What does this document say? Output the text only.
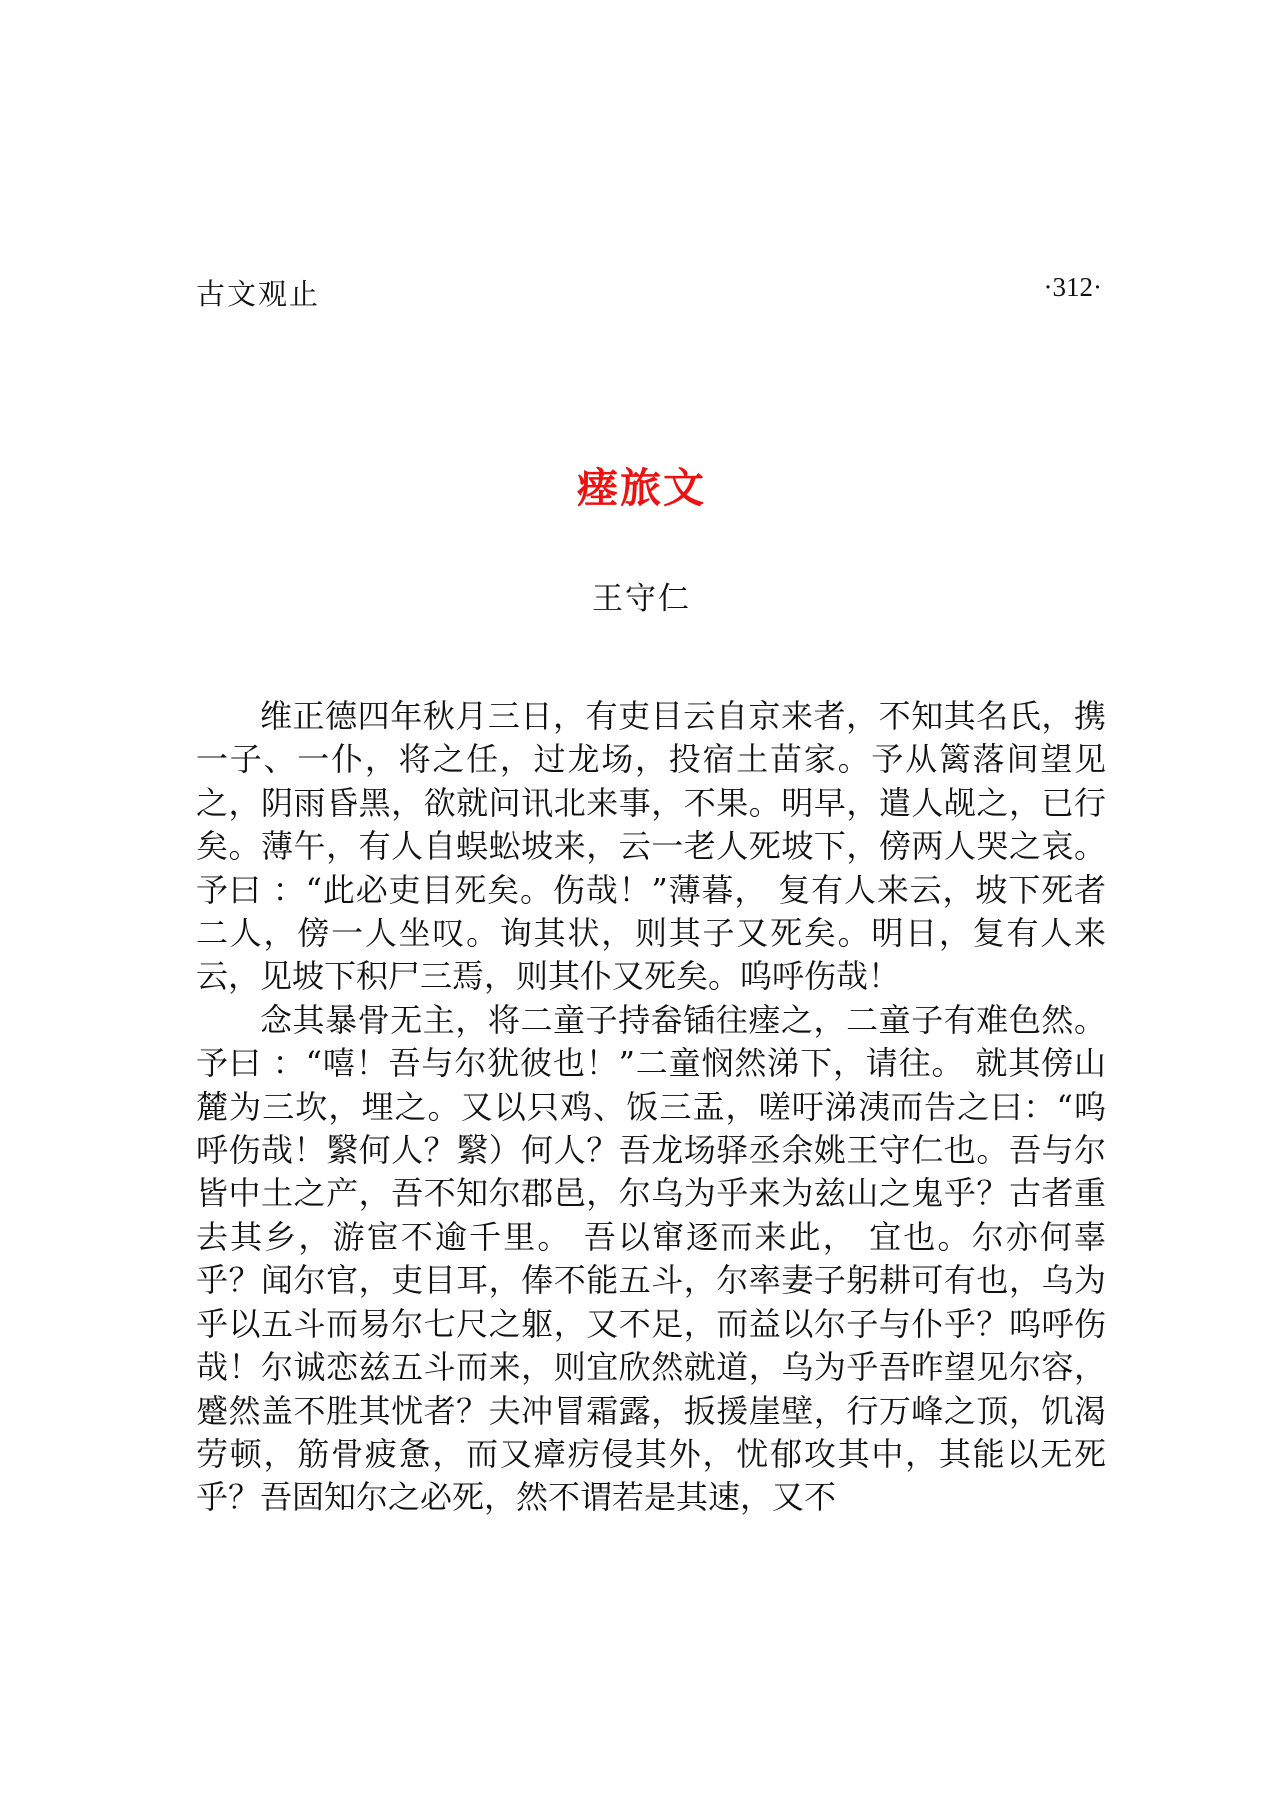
古文观止	·312·
瘗旅文
王守仁

维正德四年秋月三日，有吏目云自京来者，不知其名氏，携一子、一仆，将之任，过龙场，投宿土苗家。予从篱落间望见之，阴雨昏黑，欲就问讯北来事，不果。明早，遣人觇之，已行矣。薄午，有人自蜈蚣坡来，云一老人死坡下，傍两人哭之哀。予曰 ：“此必吏目死矣。伤哉！”薄暮， 复有人来云，坡下死者二人，傍一人坐叹。询其状，则其子又死矣。明日，复有人来云，见坡下积尸三焉，则其仆又死矣。呜呼伤哉！

念其暴骨无主，将二童子持畚锸往瘗之，二童子有难色然。予曰 ：“嘻！吾与尔犹彼也！”二童悯然涕下，请往。 就其傍山麓为三坎，埋之。又以只鸡、饭三盂，嗟吁涕洟而告之曰：“呜呼伤哉！繄何人？繄）何人？吾龙场驿丞余姚王守仁也。吾与尔皆中土之产，吾不知尔郡邑，尔乌为乎来为兹山之鬼乎？古者重去其乡，游宦不逾千里。 吾以窜逐而来此， 宜也。尔亦何辜乎？闻尔官，吏目耳，俸不能五斗，尔率妻子躬耕可有也，乌为乎以五斗而易尔七尺之躯，又不足，而益以尔子与仆乎？呜呼伤哉！尔诚恋兹五斗而来，则宜欣然就道，乌为乎吾昨望见尔容，蹙然盖不胜其忧者？夫冲冒霜露，扳援崖壁，行万峰之顶，饥渴劳顿，筋骨疲惫，而又瘴疠侵其外，忧郁攻其中，其能以无死乎？吾固知尔之必死，然不谓若是其速，又不
